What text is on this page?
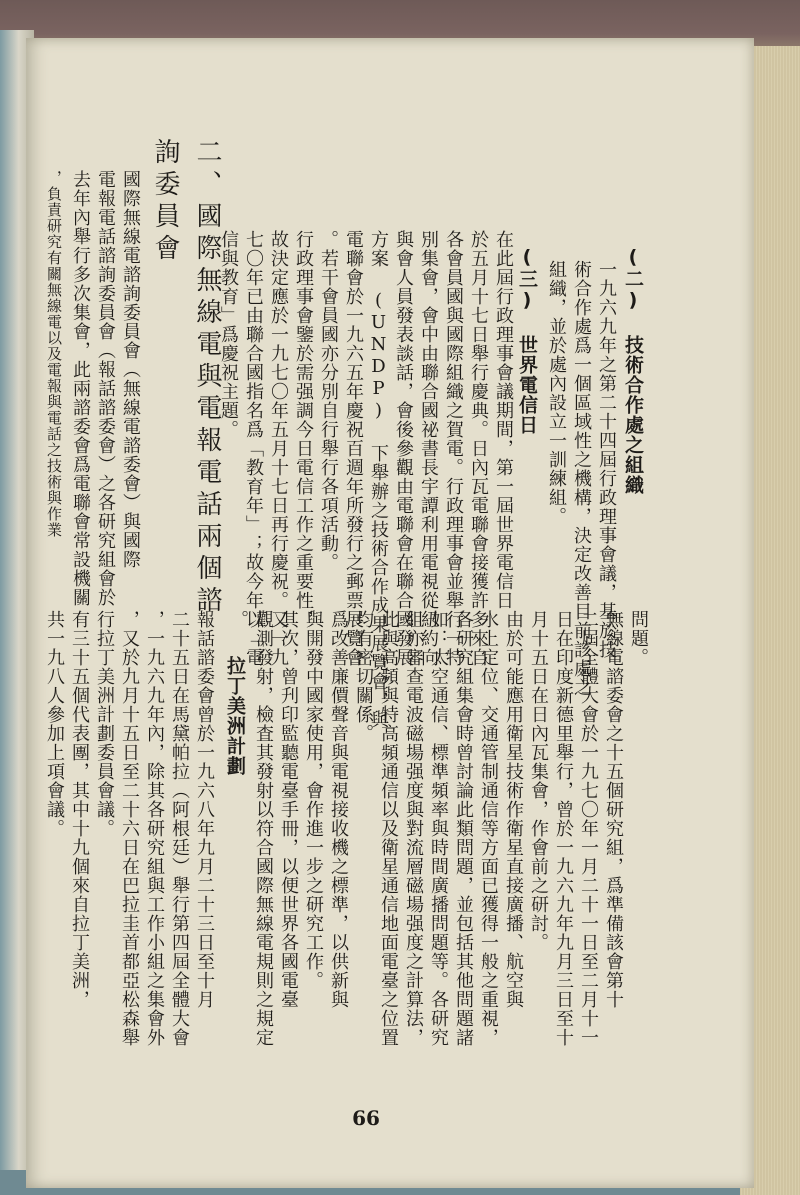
(二) 技術合作處之組織
一九六九年之第二十四屆行政理事會議，基於技
術合作處爲一個區域性之機構，決定改善目前該處之
組織，並於處內設立一訓練組。
(三) 世界電信日
在此屆行政理事會議期間，第一屆世界電信日
於五月十七日舉行慶典。日內瓦電聯會接獲許多來自
各會員國與國際組織之賀電。行政理事會並舉行一特
別集會，會中由聯合國祕書長宇譚利用電視從紐約向
與會人員發表談話，會後參觀由電聯會在聯合國發展
方案 (UNDP) 下舉辦之技術合作成果展覽會，與
電聯會於一九六五年慶祝百週年所發行之郵票展覽會
。若干會員國亦分別自行舉行各項活動。
行政理事會鑒於需强調今日電信工作之重要性，
故決定應於一九七〇年五月十七日再行慶祝。又一九
七〇年已由聯合國指名爲「教育年」；故今年以「電
信與教育」爲慶祝主題。
二、國際無線電與電報電話兩個諮詢委員會
國際無線電諮詢委員會（無線電諮委會）與國際
電報電話諮詢委員會（報話諮委會）之各研究組會於
去年內舉行多次集會，此兩諮委會爲電聯會常設機關
，負責研究有關無線電以及電報與電話之技術與作業
問題。
無線電諮委會之十五個研究組，爲準備該會第十
二屆全體大會於一九七〇年一月二十一日至二月十一
日在印度新德里舉行，曾於一九六九年九月三日至十
月十五日在日內瓦集會，作會前之研討。
由於可能應用衛星技術作衛星直接廣播、航空與
水上定位、交通管制通信等方面已獲得一般之重視，
各研究組集會時曾討論此類問題，並包括其他問題諸
如：太空通信、標準頻率與時間廣播問題等。各研究
組亦審查電波磁場强度與對流層磁場强度之計算法，
此與高頻與特高頻通信以及衛星通信地面電臺之位置
均有密切關係。
爲改善廉價聲音與電視接收機之標準，以供新與
與開發中國家使用，會作進一步之研究工作。
其次，曾刋印監聽電臺手冊，以便世界各國電臺
觀測發射，檢査其發射以符合國際無線電規則之規定
。
拉丁美洲計劃
報話諮委會曾於一九六八年九月二十三日至十月
二十五日在馬黛帕拉（阿根廷）舉行第四屆全體大會
，一九六九年內，除其各研究組與工作小組之集會外
，又於九月十五日至二十六日在巴拉圭首都亞松森舉
行拉丁美洲計劃委員會議。
有三十五個代表團，其中十九個來自拉丁美洲，
共一九八人參加上項會議。
66
